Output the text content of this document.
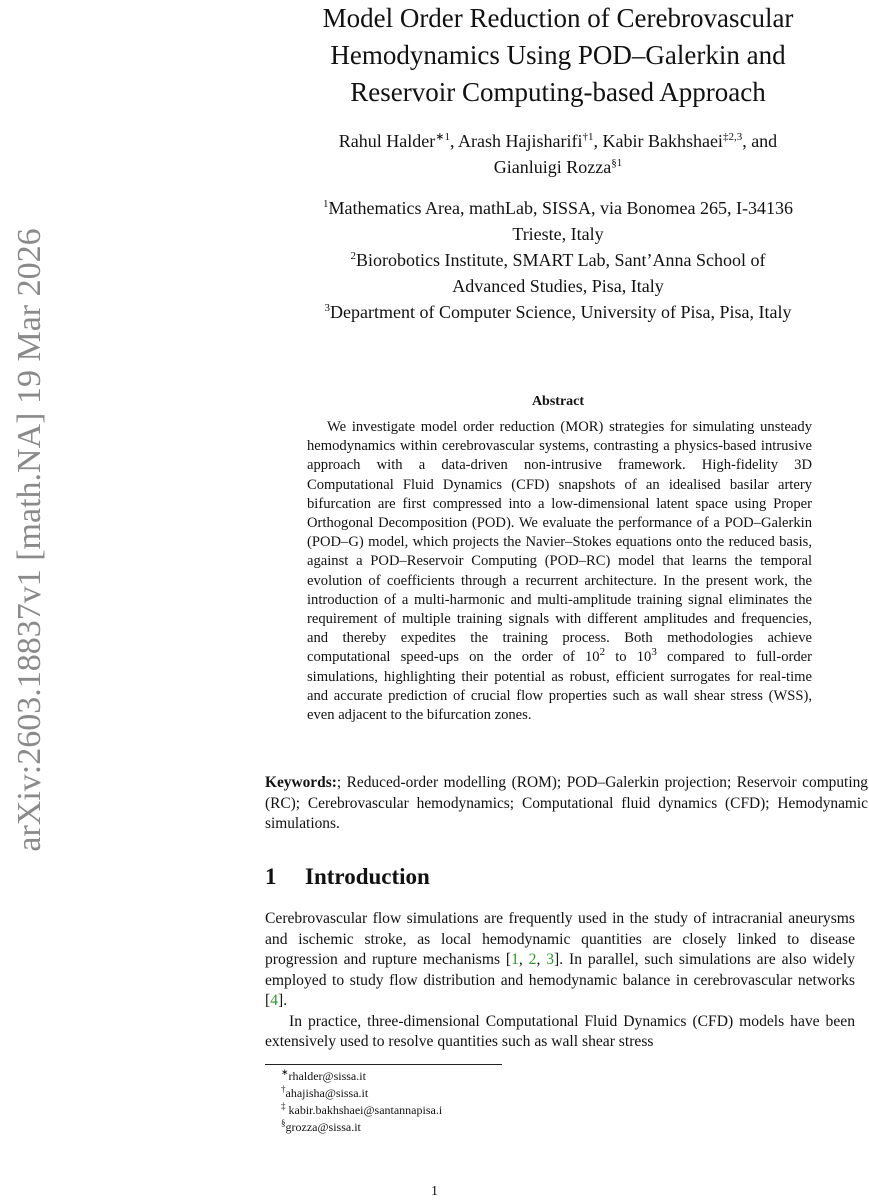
arXiv:2603.18837v1 [math.NA] 19 Mar 2026
Model Order Reduction of Cerebrovascular
Hemodynamics Using POD–Galerkin and
Reservoir Computing-based Approach
Rahul Halder$^{∗1}$, Arash Hajisharifi$^{\dagger 1}$, Kabir Bakhshaei$^{\ddagger 2,3}$, and
Gianluigi Rozza$^{\S 1}$
$^1$Mathematics Area, mathLab, SISSA, via Bonomea 265, I-34136
Trieste, Italy
$^2$Biorobotics Institute, SMART Lab, Sant’Anna School of
Advanced Studies, Pisa, Italy
$^3$Department of Computer Science, University of Pisa, Pisa, Italy
Abstract

We investigate model order reduction (MOR) strategies for simulating unsteady hemodynamics within cerebrovascular systems, contrasting a physics-based intrusive approach with a data-driven non-intrusive framework. High-fidelity 3D Computational Fluid Dynamics (CFD) snapshots of an idealised basilar artery bifurcation are first compressed into a low-dimensional latent space using Proper Orthogonal Decomposition (POD). We evaluate the performance of a POD–Galerkin (POD–G) model, which projects the Navier–Stokes equations onto the reduced basis, against a POD–Reservoir Computing (POD–RC) model that learns the temporal evolution of coefficients through a recurrent architecture. In the present work, the introduction of a multi-harmonic and multi-amplitude training signal eliminates the requirement of multiple training signals with different amplitudes and frequencies, and thereby expedites the training process. Both methodologies achieve computational speed-ups on the order of $10^2$ to $10^3$ compared to full-order simulations, highlighting their potential as robust, efficient surrogates for real-time and accurate prediction of crucial flow properties such as wall shear stress (WSS), even adjacent to the bifurcation zones.

Keywords:; Reduced-order modelling (ROM); POD–Galerkin projection; Reservoir computing (RC); Cerebrovascular hemodynamics; Computational fluid dynamics (CFD); Hemodynamic simulations.

1 Introduction

Cerebrovascular flow simulations are frequently used in the study of intracranial aneurysms and ischemic stroke, as local hemodynamic quantities are closely linked to disease progression and rupture mechanisms [1, 2, 3]. In parallel, such simulations are also widely employed to study flow distribution and hemodynamic balance in cerebrovascular networks [4].

In practice, three-dimensional Computational Fluid Dynamics (CFD) models have been extensively used to resolve quantities such as wall shear stress

∗rhalder@sissa.it
†ahajisha@sissa.it
‡ kabir.bakhshaei@santannapisa.i
§grozza@sissa.it
1
